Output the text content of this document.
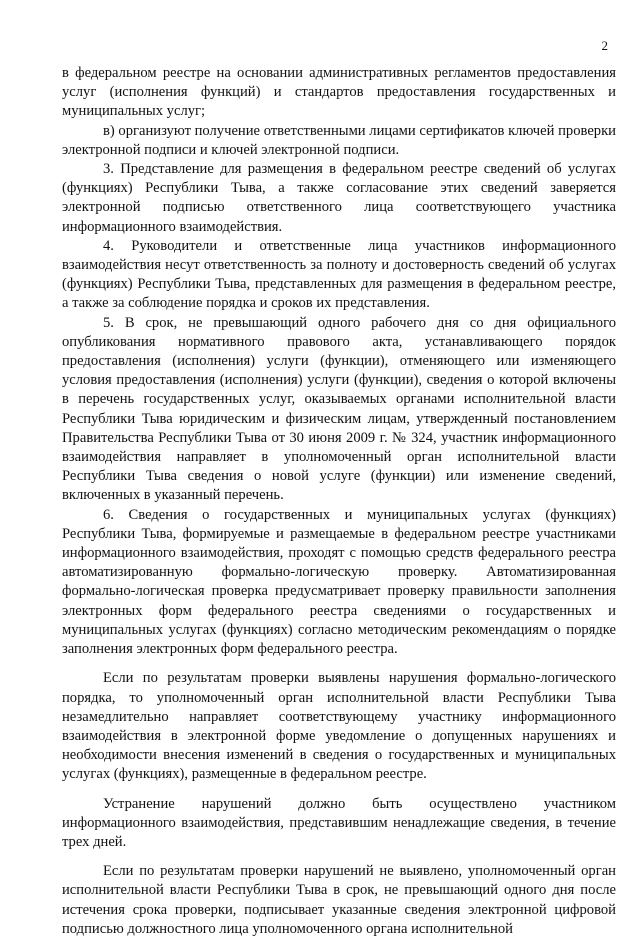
2

в федеральном реестре на основании административных регламентов предоставления услуг (исполнения функций) и стандартов предоставления государственных и муниципальных услуг;

в) организуют получение ответственными лицами сертификатов ключей проверки электронной подписи и ключей электронной подписи.

3. Представление для размещения в федеральном реестре сведений об услугах (функциях) Республики Тыва, а также согласование этих сведений заверяется электронной подписью ответственного лица соответствующего участника информационного взаимодействия.

4. Руководители и ответственные лица участников информационного взаимодействия несут ответственность за полноту и достоверность сведений об услугах (функциях) Республики Тыва, представленных для размещения в федеральном реестре, а также за соблюдение порядка и сроков их представления.

5. В срок, не превышающий одного рабочего дня со дня официального опубликования нормативного правового акта, устанавливающего порядок предоставления (исполнения) услуги (функции), отменяющего или изменяющего условия предоставления (исполнения) услуги (функции), сведения о которой включены в перечень государственных услуг, оказываемых органами исполнительной власти Республики Тыва юридическим и физическим лицам, утвержденный постановлением Правительства Республики Тыва от 30 июня 2009 г. № 324, участник информационного взаимодействия направляет в уполномоченный орган исполнительной власти Республики Тыва сведения о новой услуге (функции) или изменение сведений, включенных в указанный перечень.

6. Сведения о государственных и муниципальных услугах (функциях) Республики Тыва, формируемые и размещаемые в федеральном реестре участниками информационного взаимодействия, проходят с помощью средств федерального реестра автоматизированную формально-логическую проверку. Автоматизированная формально-логическая проверка предусматривает проверку правильности заполнения электронных форм федерального реестра сведениями о государственных и муниципальных услугах (функциях) согласно методическим рекомендациям о порядке заполнения электронных форм федерального реестра.

Если по результатам проверки выявлены нарушения формально-логического порядка, то уполномоченный орган исполнительной власти Республики Тыва незамедлительно направляет соответствующему участнику информационного взаимодействия в электронной форме уведомление о допущенных нарушениях и необходимости внесения изменений в сведения о государственных и муниципальных услугах (функциях), размещенные в федеральном реестре.

Устранение нарушений должно быть осуществлено участником информационного взаимодействия, представившим ненадлежащие сведения, в течение трех дней.

Если по результатам проверки нарушений не выявлено, уполномоченный орган исполнительной власти Республики Тыва в срок, не превышающий одного дня после истечения срока проверки, подписывает указанные сведения электронной цифровой подписью должностного лица уполномоченного органа исполнительной
